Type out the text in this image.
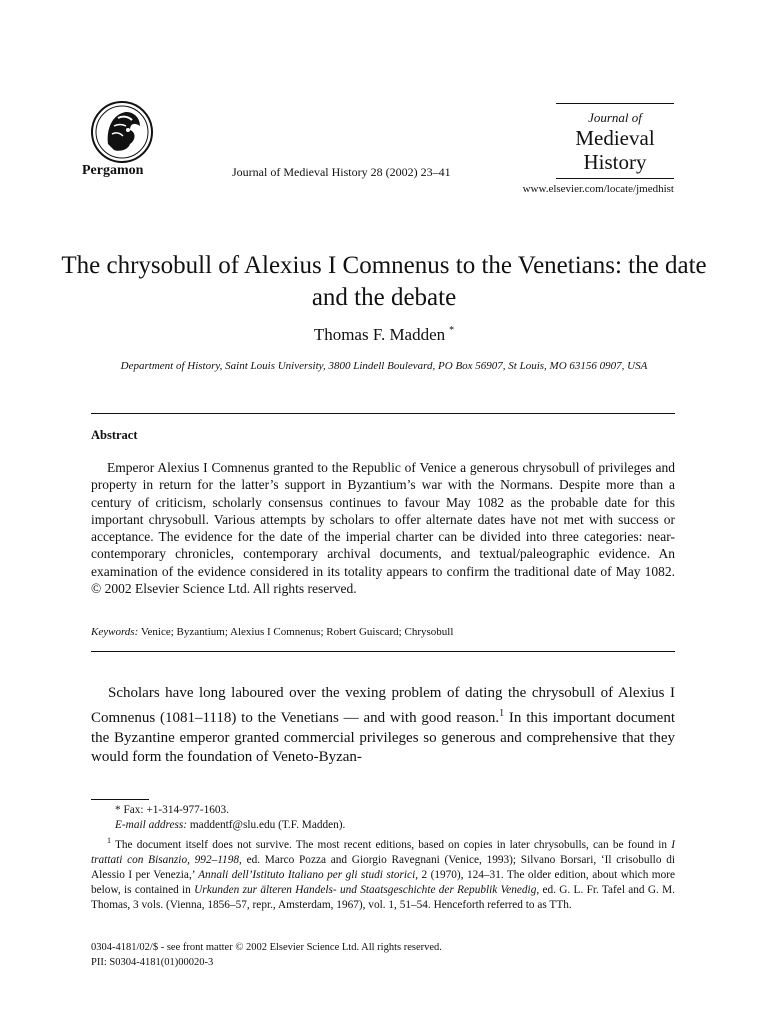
Pergamon	Journal of Medieval History 28 (2002) 23–41
Journal of
Medieval
History
www.elsevier.com/locate/jmedhist
The chrysobull of Alexius I Comnenus to the Venetians: the date and the debate
Thomas F. Madden *
Department of History, Saint Louis University, 3800 Lindell Boulevard, PO Box 56907, St Louis, MO 63156 0907, USA
Abstract
Emperor Alexius I Comnenus granted to the Republic of Venice a generous chrysobull of privileges and property in return for the latter’s support in Byzantium’s war with the Normans. Despite more than a century of criticism, scholarly consensus continues to favour May 1082 as the probable date for this important chrysobull. Various attempts by scholars to offer alternate dates have not met with success or acceptance. The evidence for the date of the imperial charter can be divided into three categories: near-contemporary chronicles, contemporary archival documents, and textual/paleographic evidence. An examination of the evidence considered in its totality appears to confirm the traditional date of May 1082. © 2002 Elsevier Science Ltd. All rights reserved.
Keywords: Venice; Byzantium; Alexius I Comnenus; Robert Guiscard; Chrysobull
Scholars have long laboured over the vexing problem of dating the chrysobull of Alexius I Comnenus (1081–1118) to the Venetians — and with good reason.$^1$ In this important document the Byzantine emperor granted commercial privileges so generous and comprehensive that they would form the foundation of Veneto-Byzan-

* Fax: +1-314-977-1603.

E-mail address: maddentf@slu.edu (T.F. Madden).

$^1$ The document itself does not survive. The most recent editions, based on copies in later chrysobulls, can be found in I trattati con Bisanzio, 992–1198, ed. Marco Pozza and Giorgio Ravegnani (Venice, 1993); Silvano Borsari, ‘Il crisobullo di Alessio I per Venezia,’ Annali dell’Istituto Italiano per gli studi storici, 2 (1970), 124–31. The older edition, about which more below, is contained in Urkunden zur älteren Handels- und Staatsgeschichte der Republik Venedig, ed. G. L. Fr. Tafel and G. M. Thomas, 3 vols. (Vienna, 1856–57, repr., Amsterdam, 1967), vol. 1, 51–54. Henceforth referred to as TTh.

0304-4181/02/$ - see front matter © 2002 Elsevier Science Ltd. All rights reserved.

PII: S0304-4181(01)00020-3
